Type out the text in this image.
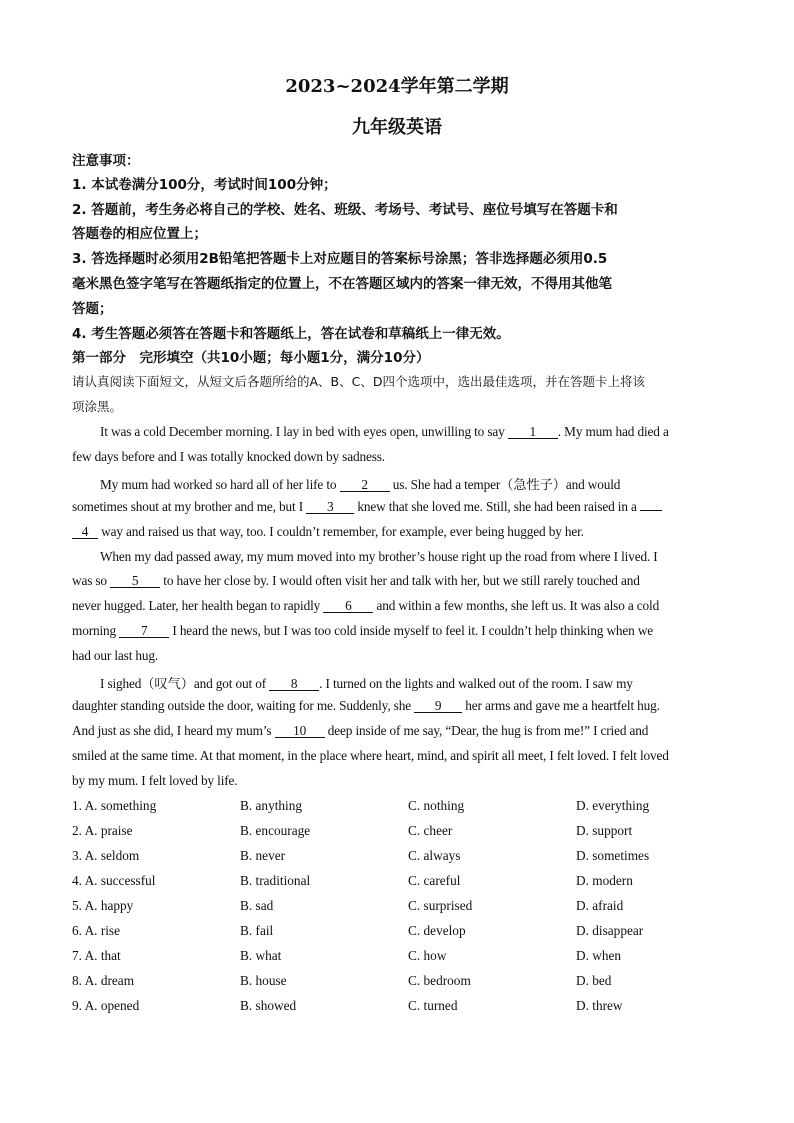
2023~2024学年第二学期
九年级英语
注意事项：
1. 本试卷满分100分，考试时间100分钟；
2. 答题前，考生务必将自己的学校、姓名、班级、考场号、考试号、座位号填写在答题卡和
答题卷的相应位置上；
3. 答选择题时必须用2B铅笔把答题卡上对应题目的答案标号涂黑；答非选择题必须用0.5
毫米黑色签字笔写在答题纸指定的位置上，不在答题区域内的答案一律无效，不得用其他笔
答题；
4. 考生答题必须答在答题卡和答题纸上，答在试卷和草稿纸上一律无效。
第一部分　完形填空（共10小题；每小题1分，满分10分）
请认真阅读下面短文，从短文后各题所给的A、B、C、D四个选项中，选出最佳选项，并在答题卡上将该
项涂黑。
It was a cold December morning. I lay in bed with eyes open, unwilling to say 1 . My mum had died a
few days before and I was totally knocked down by sadness.
My mum had worked so hard all of her life to 2 us. She had a temper（急性子）and would
sometimes shout at my brother and me, but I 3 knew that she loved me. Still, she had been raised in a
4 way and raised us that way, too. I couldn’t remember, for example, ever being hugged by her.
When my dad passed away, my mum moved into my brother’s house right up the road from where I lived. I
was so 5 to have her close by. I would often visit her and talk with her, but we still rarely touched and
never hugged. Later, her health began to rapidly 6 and within a few months, she left us. It was also a cold
morning 7 I heard the news, but I was too cold inside myself to feel it. I couldn’t help thinking when we
had our last hug.
I sighed（叹气）and got out of 8 . I turned on the lights and walked out of the room. I saw my
daughter standing outside the door, waiting for me. Suddenly, she 9 her arms and gave me a heartfelt hug.
And just as she did, I heard my mum’s 10 deep inside of me say, “Dear, the hug is from me!” I cried and
smiled at the same time. At that moment, in the place where heart, mind, and spirit all meet, I felt loved. I felt loved
by my mum. I felt loved by life.
1. A. something	B. anything	C. nothing	D. everything
2. A. praise	B. encourage	C. cheer	D. support
3. A. seldom	B. never	C. always	D. sometimes
4. A. successful	B. traditional	C. careful	D. modern
5. A. happy	B. sad	C. surprised	D. afraid
6. A. rise	B. fail	C. develop	D. disappear
7. A. that	B. what	C. how	D. when
8. A. dream	B. house	C. bedroom	D. bed
9. A. opened	B. showed	C. turned	D. threw
